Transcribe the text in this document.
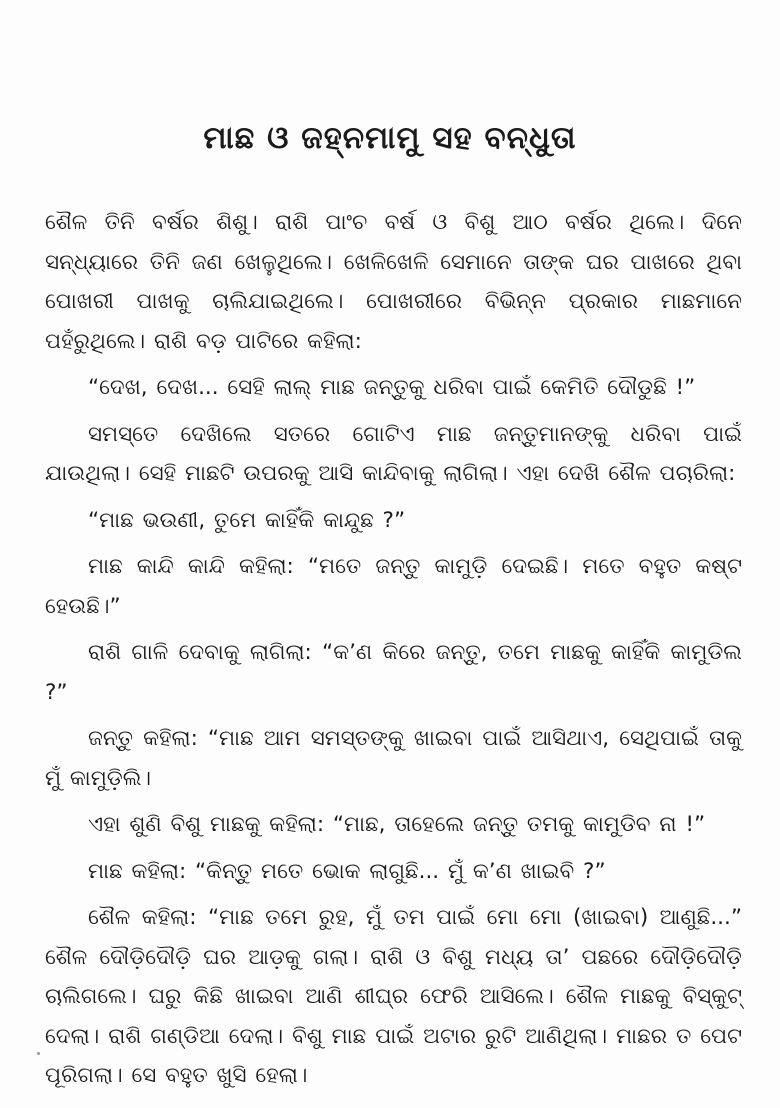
ମାଛ ଓ ଜହ୍ନମାମୁ ସହ ବନ୍ଧୁତା

ଶୈଳ ତିନି ବର୍ଷର ଶିଶୁ। ରାଶି ପାଂଚ ବର୍ଷ ଓ ବିଶୁ ଆଠ ବର୍ଷର ଥିଲେ। ଦିନେ ସନ୍ଧ୍ୟାରେ ତିନି ଜଣ ଖେଳୁଥିଲେ। ଖେଳିଖେଳି ସେମାନେ ତାଙ୍କ ଘର ପାଖରେ ଥିବା ପୋଖରୀ ପାଖକୁ ଚାଲିଯାଇଥିଲେ। ପୋଖରୀରେ ବିଭିନ୍ନ ପ୍ରକାର ମାଛମାନେ ପହଁରୁଥିଲେ। ରାଶି ବଡ଼ ପାଟିରେ କହିଲା:

“ଦେଖ, ଦେଖ... ସେହି ଲାଲ୍ ମାଛ ଜନ୍ତୁକୁ ଧରିବା ପାଇଁ କେମିତି ଦୌଡୁଛି !”

ସମସ୍ତେ ଦେଖିଲେ ସତରେ ଗୋଟିଏ ମାଛ ଜନ୍ତୁମାନଙ୍କୁ ଧରିବା ପାଇଁ ଯାଉଥିଲା। ସେହି ମାଛଟି ଉପରକୁ ଆସି କାନ୍ଦିବାକୁ ଲାଗିଲା। ଏହା ଦେଖି ଶୈଳ ପଚାରିଲା:

“ମାଛ ଭଉଣୀ, ତୁମେ କାହିଁକି କାନ୍ଦୁଛ ?”

ମାଛ କାନ୍ଦି କାନ୍ଦି କହିଲା: “ମତେ ଜନ୍ତୁ କାମୁଡ଼ି ଦେଇଛି। ମତେ ବହୁତ କଷ୍ଟ ହେଉଛି।”

ରାଶି ଗାଳି ଦେବାକୁ ଲାଗିଲା: “କ’ଣ କିରେ ଜନ୍ତୁ, ତମେ ମାଛକୁ କାହିଁକି କାମୁଡିଲ ?”

ଜନ୍ତୁ କହିଲା: “ମାଛ ଆମ ସମସ୍ତଙ୍କୁ ଖାଇବା ପାଇଁ ଆସିଥାଏ, ସେଥିପାଇଁ ତାକୁ ମୁଁ କାମୁଡ଼ିଲି।

ଏହା ଶୁଣି ବିଶୁ ମାଛକୁ କହିଲା: “ମାଛ, ତାହେଲେ ଜନ୍ତୁ ତମକୁ କାମୁଡିବ ନା !”

ମାଛ କହିଲା: “କିନ୍ତୁ ମତେ ଭୋକ ଲାଗୁଛି... ମୁଁ କ’ଣ ଖାଇବି ?”

ଶୈଳ କହିଲା: “ମାଛ ତମେ ରୁହ, ମୁଁ ତମ ପାଇଁ ମୋ ମୋ (ଖାଇବା) ଆଣୁଛି...” ଶୈଳ ଦୌଡ଼ିଦୌଡ଼ି ଘର ଆଡ଼କୁ ଗଲା। ରାଶି ଓ ବିଶୁ ମଧ୍ୟ ତା’ ପଛରେ ଦୌଡ଼ିଦୌଡ଼ି ଚାଲିଗଲେ। ଘରୁ କିଛି ଖାଇବା ଆଣି ଶୀଘ୍ର ଫେରି ଆସିଲେ। ଶୈଳ ମାଛକୁ ବିସ୍କୁଟ୍ ଦେଲା। ରାଶି ଗଣ୍ଡିଆ ଦେଲା। ବିଶୁ ମାଛ ପାଇଁ ଅଟାର ରୁଟି ଆଣିଥିଲା। ମାଛର ତ ପେଟ ପୂରିଗଲା। ସେ ବହୁତ ଖୁସି ହେଲା।
